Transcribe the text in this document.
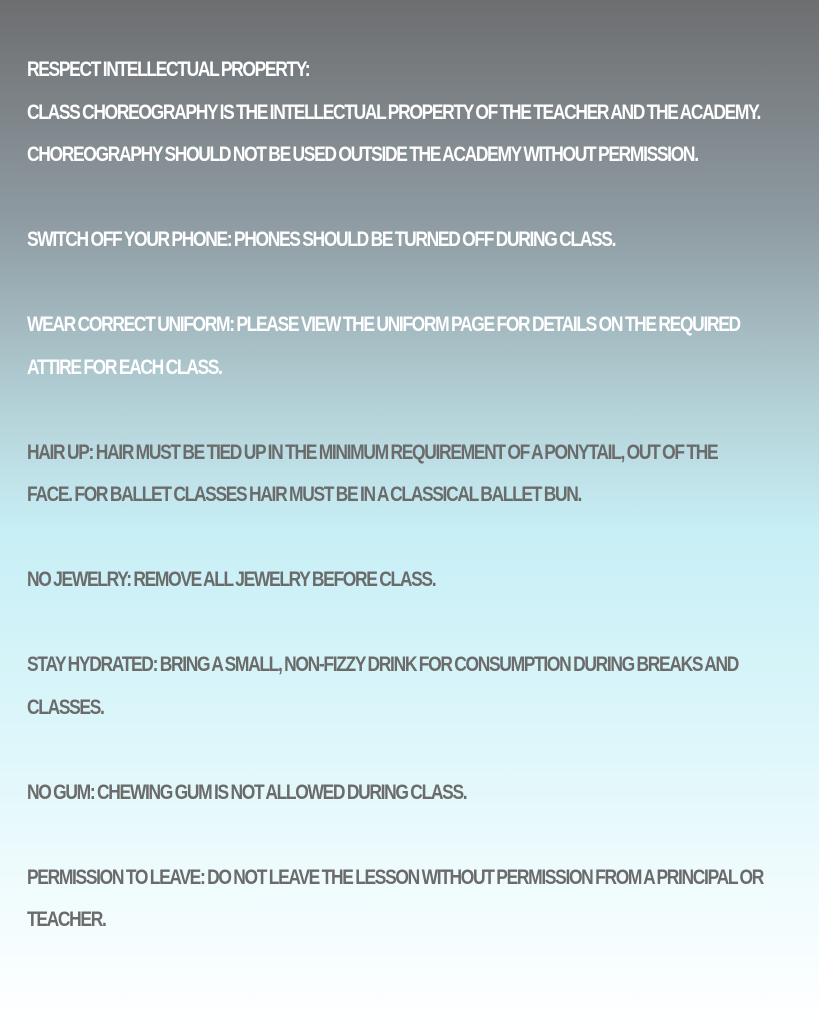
RESPECT INTELLECTUAL PROPERTY:
CLASS CHOREOGRAPHY IS THE INTELLECTUAL PROPERTY OF THE TEACHER AND THE ACADEMY.
CHOREOGRAPHY SHOULD NOT BE USED OUTSIDE THE ACADEMY WITHOUT PERMISSION.
SWITCH OFF YOUR PHONE: PHONES SHOULD BE TURNED OFF DURING CLASS.
WEAR CORRECT UNIFORM: PLEASE VIEW THE UNIFORM PAGE FOR DETAILS ON THE REQUIRED
ATTIRE FOR EACH CLASS.
HAIR UP: HAIR MUST BE TIED UP IN THE MINIMUM REQUIREMENT OF A PONYTAIL, OUT OF THE
FACE. FOR BALLET CLASSES HAIR MUST BE IN A CLASSICAL BALLET BUN.
NO JEWELRY: REMOVE ALL JEWELRY BEFORE CLASS.
STAY HYDRATED: BRING A SMALL, NON-FIZZY DRINK FOR CONSUMPTION DURING BREAKS AND
CLASSES.
NO GUM: CHEWING GUM IS NOT ALLOWED DURING CLASS.
PERMISSION TO LEAVE: DO NOT LEAVE THE LESSON WITHOUT PERMISSION FROM A PRINCIPAL OR
TEACHER.
